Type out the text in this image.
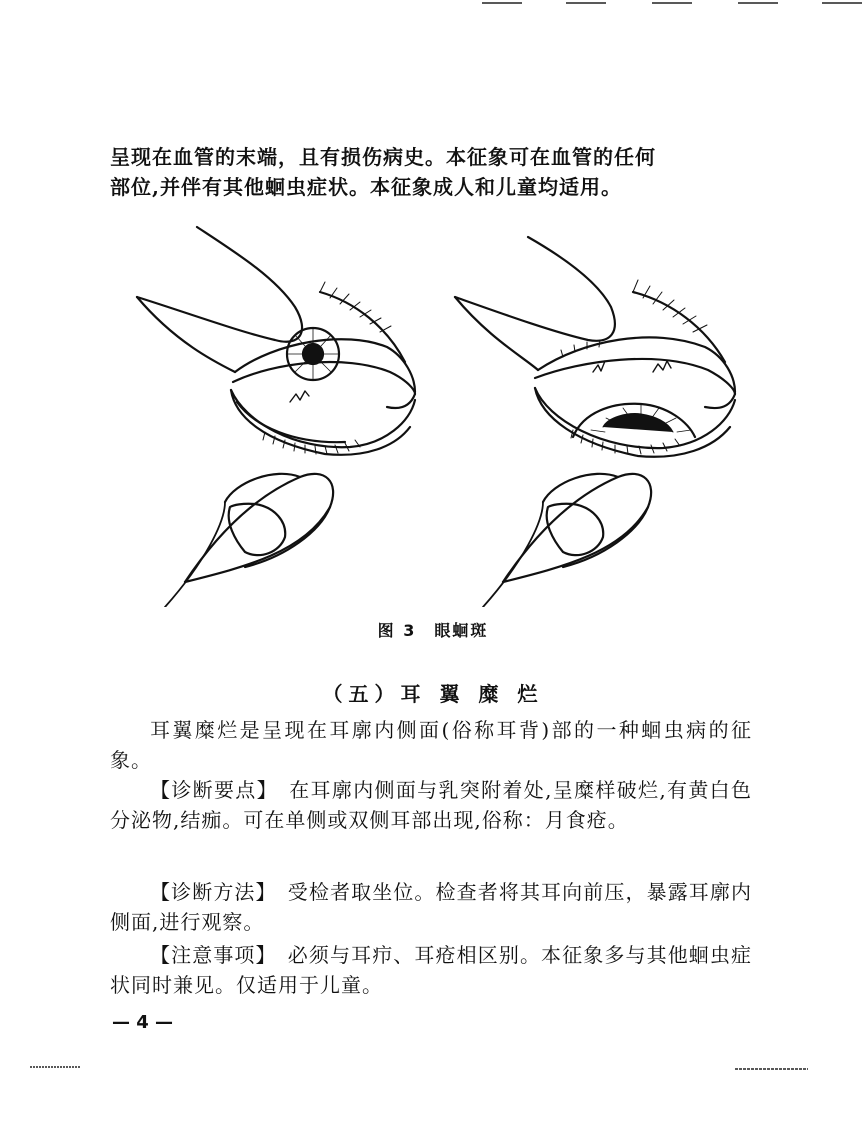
呈现在血管的末端，且有损伤病史。本征象可在血管的任何
部位,并伴有其他蛔虫症状。本征象成人和儿童均适用。

图 3　眼蛔斑
（五）耳 翼 糜 烂

耳翼糜烂是呈现在耳廓内侧面(俗称耳背)部的一种蛔虫病的征象。

【诊断要点】　在耳廓内侧面与乳突附着处,呈糜样破烂,有黄白色分泌物,结痂。可在单侧或双侧耳部出现,俗称：月食疮。

【诊断方法】　受检者取坐位。检查者将其耳向前压，暴露耳廓内侧面,进行观察。

【注意事项】　必须与耳疖、耳疮相区别。本征象多与其他蛔虫症状同时兼见。仅适用于儿童。

— 4 —
